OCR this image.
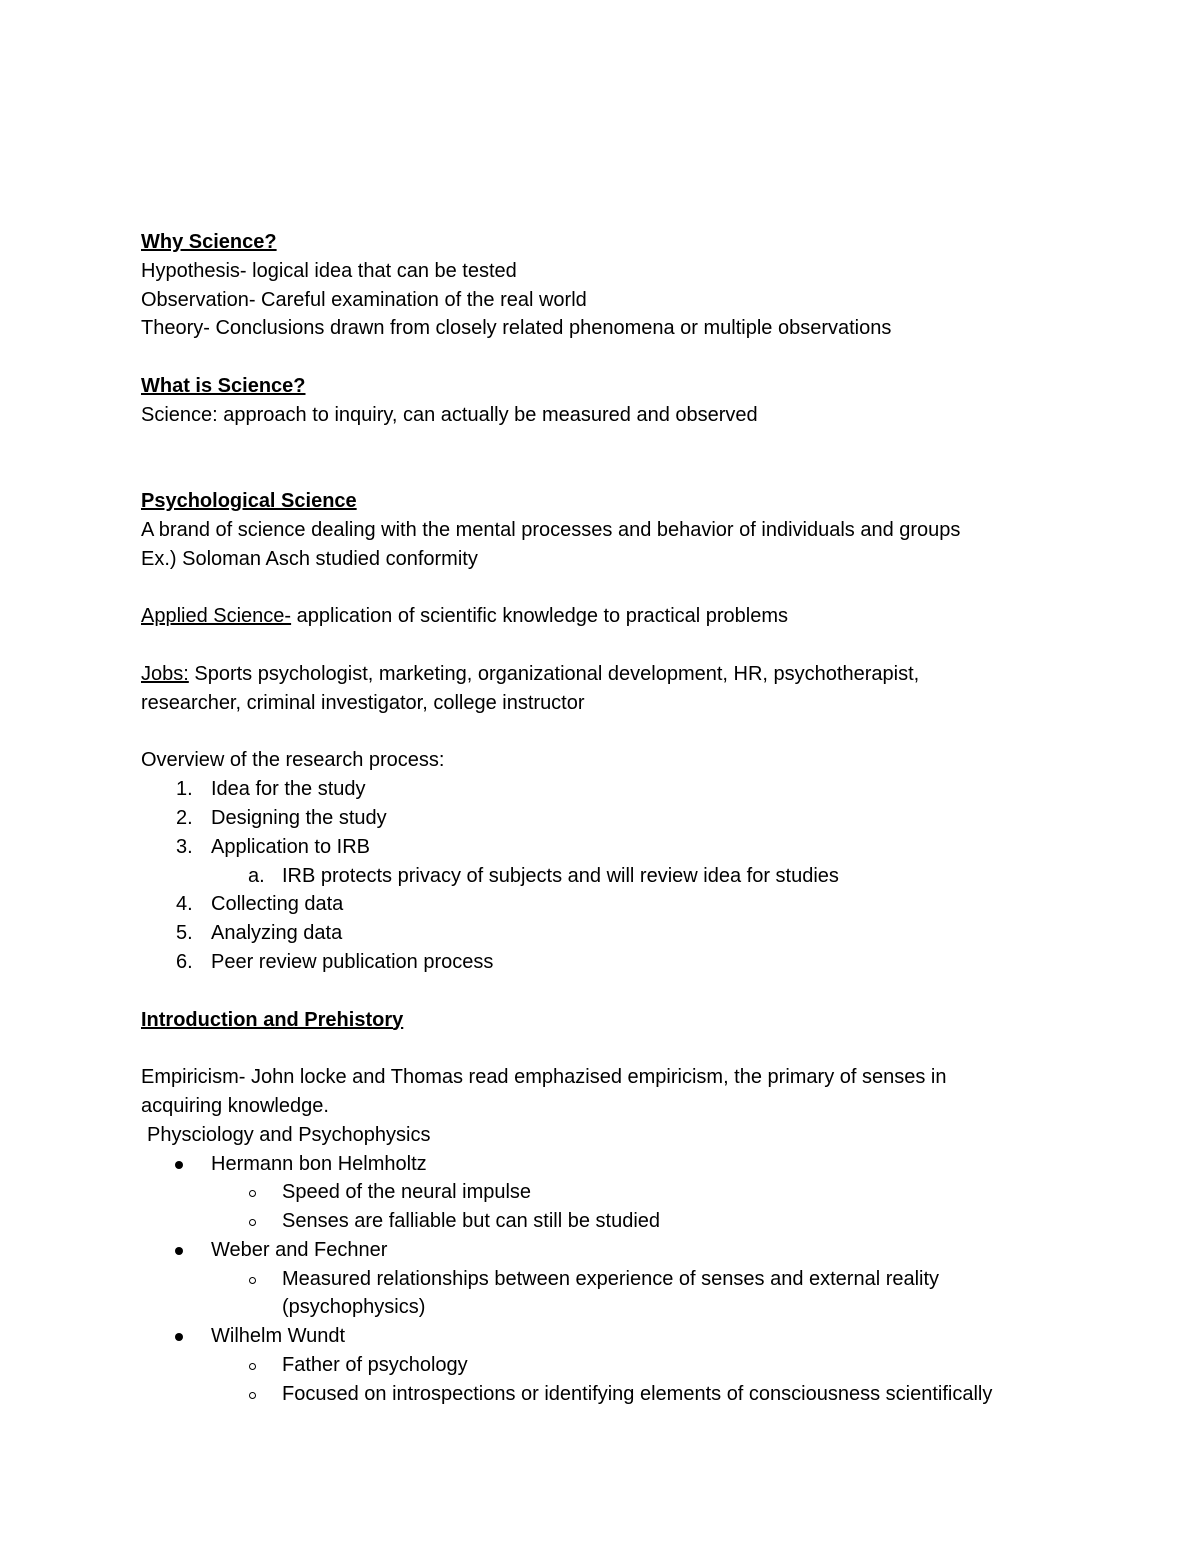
Why Science?
Hypothesis- logical idea that can be tested
Observation- Careful examination of the real world
Theory- Conclusions drawn from closely related phenomena or multiple observations
What is Science?
Science: approach to inquiry, can actually be measured and observed
Psychological Science
A brand of science dealing with the mental processes and behavior of individuals and groups
Ex.) Soloman Asch studied conformity
Applied Science- application of scientific knowledge to practical problems
Jobs: Sports psychologist, marketing, organizational development, HR, psychotherapist,
researcher, criminal investigator, college instructor
Overview of the research process:
1. Idea for the study
2. Designing the study
3. Application to IRB
a. IRB protects privacy of subjects and will review idea for studies
4. Collecting data
5. Analyzing data
6. Peer review publication process
Introduction and Prehistory
Empiricism- John locke and Thomas read emphazised empiricism, the primary of senses in
acquiring knowledge.
Physciology and Psychophysics
Hermann bon Helmholtz
Speed of the neural impulse
Senses are falliable but can still be studied
Weber and Fechner
Measured relationships between experience of senses and external reality (psychophysics)
Wilhelm Wundt
Father of psychology
Focused on introspections or identifying elements of consciousness scientifically
